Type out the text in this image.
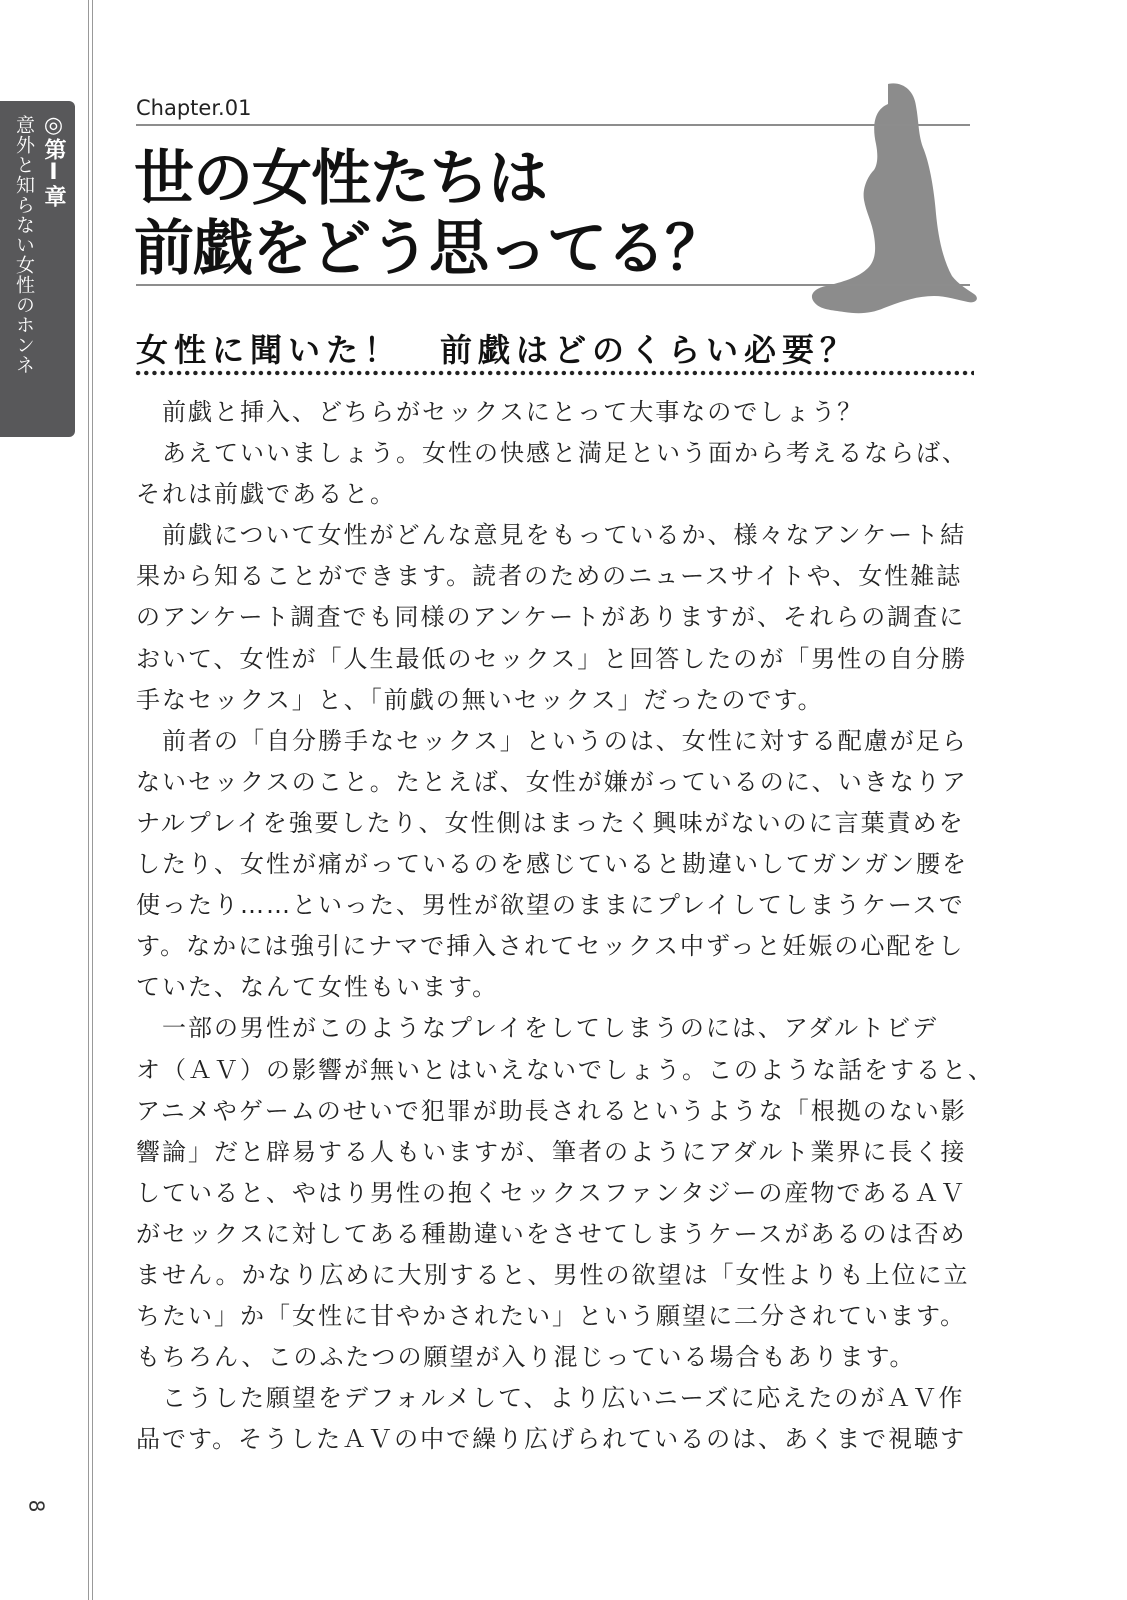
◎第Ⅰ章
意外と知らない女性のホンネ
8
Chapter.01
世の女性たちは
前戯をどう思ってる？
女性に聞いた！　前戯はどのくらい必要？
前戯と挿入、どちらがセックスにとって大事なのでしょう？
あえていいましょう。女性の快感と満足という面から考えるならば、
それは前戯であると。
前戯について女性がどんな意見をもっているか、様々なアンケート結
果から知ることができます。読者のためのニュースサイトや、女性雑誌
のアンケート調査でも同様のアンケートがありますが、それらの調査に
おいて、女性が「人生最低のセックス」と回答したのが「男性の自分勝
手なセックス」と、「前戯の無いセックス」だったのです。
前者の「自分勝手なセックス」というのは、女性に対する配慮が足ら
ないセックスのこと。たとえば、女性が嫌がっているのに、いきなりア
ナルプレイを強要したり、女性側はまったく興味がないのに言葉責めを
したり、女性が痛がっているのを感じていると勘違いしてガンガン腰を
使ったり……といった、男性が欲望のままにプレイしてしまうケースで
す。なかには強引にナマで挿入されてセックス中ずっと妊娠の心配をし
ていた、なんて女性もいます。
一部の男性がこのようなプレイをしてしまうのには、アダルトビデ
オ（ＡＶ）の影響が無いとはいえないでしょう。このような話をすると、
アニメやゲームのせいで犯罪が助長されるというような「根拠のない影
響論」だと辟易する人もいますが、筆者のようにアダルト業界に長く接
していると、やはり男性の抱くセックスファンタジーの産物であるＡＶ
がセックスに対してある種勘違いをさせてしまうケースがあるのは否め
ません。かなり広めに大別すると、男性の欲望は「女性よりも上位に立
ちたい」か「女性に甘やかされたい」という願望に二分されています。
もちろん、このふたつの願望が入り混じっている場合もあります。
こうした願望をデフォルメして、より広いニーズに応えたのがＡＶ作
品です。そうしたＡＶの中で繰り広げられているのは、あくまで視聴す
